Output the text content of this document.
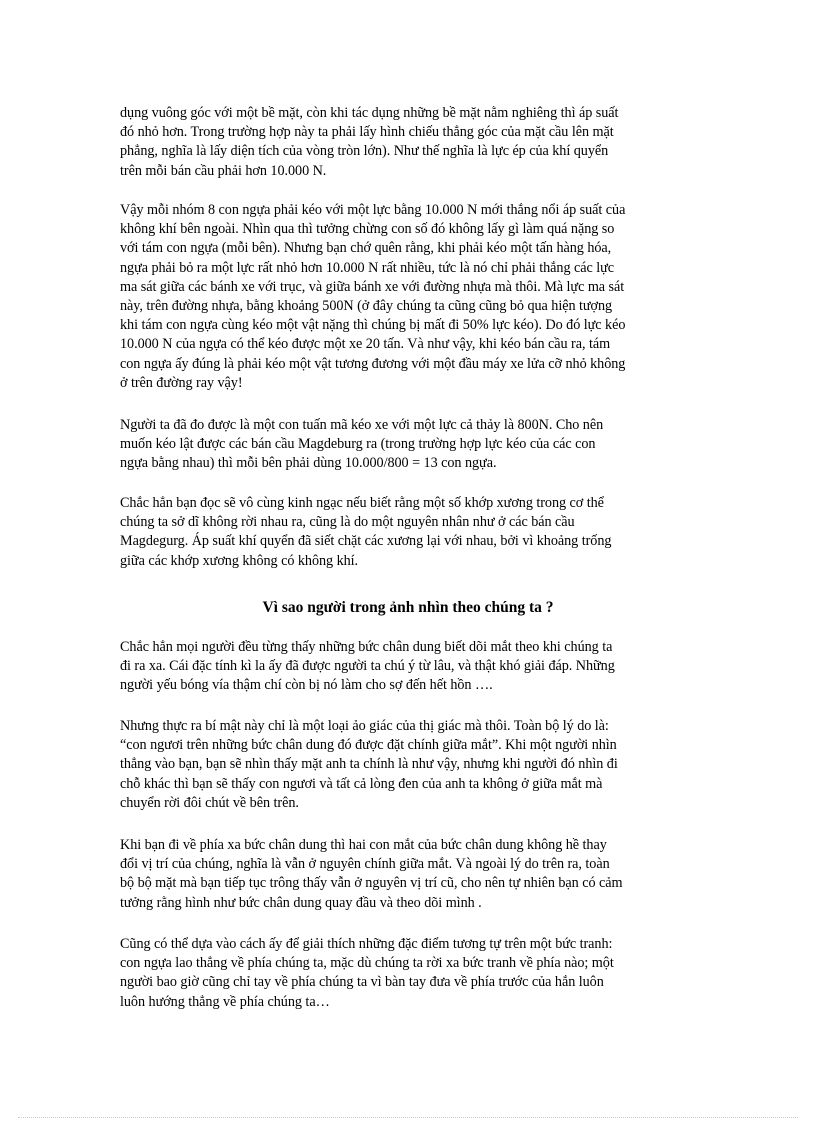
dụng vuông góc với một bề mặt, còn khi tác dụng những bề mặt nằm nghiêng thì áp suất
đó nhỏ hơn. Trong trường hợp này ta phải lấy hình chiếu thẳng góc của mặt cầu lên mặt
phẳng, nghĩa là lấy diện tích của vòng tròn lớn). Như thế nghĩa là lực ép của khí quyển
trên mỗi bán cầu phải hơn 10.000 N.
Vậy mỗi nhóm 8 con ngựa phải kéo với một lực bằng 10.000 N mới thắng nổi áp suất của
không khí bên ngoài. Nhìn qua thì tưởng chừng con số đó không lấy gì làm quá nặng so
với tám con ngựa (mỗi bên). Nhưng bạn chớ quên rằng, khi phải kéo một tấn hàng hóa,
ngựa phải bỏ ra một lực rất nhỏ hơn 10.000 N rất nhiều, tức là nó chỉ phải thắng các lực
ma sát giữa các bánh xe với trục, và giữa bánh xe với đường nhựa mà thôi. Mà lực ma sát
này, trên đường nhựa, bằng khoảng 500N (ở đây chúng ta cũng cũng bỏ qua hiện tượng
khi tám con ngựa cùng kéo một vật nặng thì chúng bị mất đi 50% lực kéo). Do đó lực kéo
10.000 N của ngựa có thể kéo được một xe 20 tấn. Và như vậy, khi kéo bán cầu ra, tám
con ngựa ấy đúng là phải kéo một vật tương đương với một đầu máy xe lửa cỡ nhỏ không
ở trên đường ray vậy!
Người ta đã đo được là một con tuấn mã kéo xe với một lực cả thảy là 800N. Cho nên
muốn kéo lật được các bán cầu Magdeburg ra (trong trường hợp lực kéo của các con
ngựa bằng nhau) thì mỗi bên phải dùng 10.000/800 = 13 con ngựa.
Chắc hẳn bạn đọc sẽ vô cùng kinh ngạc nếu biết rằng một số khớp xương trong cơ thể
chúng ta sở dĩ không rời nhau ra, cũng là do một nguyên nhân như ở các bán cầu
Magdegurg. Áp suất khí quyển đã siết chặt các xương lại với nhau, bởi vì khoảng trống
giữa các khớp xương không có không khí.
Vì sao người trong ảnh nhìn theo chúng ta ?
Chắc hẳn mọi người đều từng thấy những bức chân dung biết dõi mắt theo khi chúng ta
đi ra xa. Cái đặc tính kì la ấy đã được người ta chú ý từ lâu, và thật khó giải đáp. Những
người yếu bóng vía thậm chí còn bị nó làm cho sợ đến hết hồn ….
Nhưng thực ra bí mật này chỉ là một loại ảo giác của thị giác mà thôi. Toàn bộ lý do là:
“con ngươi trên những bức chân dung đó được đặt chính giữa mắt”. Khi một người nhìn
thẳng vào bạn, bạn sẽ nhìn thấy mặt anh ta chính là như vậy, nhưng khi người đó nhìn đi
chỗ khác thì bạn sẽ thấy con ngươi và tất cả lòng đen của anh ta không ở giữa mắt mà
chuyển rời đôi chút về bên trên.
Khi bạn đi về phía xa bức chân dung thì hai con mắt của bức chân dung không hề thay
đổi vị trí của chúng, nghĩa là vẫn ở nguyên chính giữa mắt. Và ngoài lý do trên ra, toàn
bộ bộ mặt mà bạn tiếp tục trông thấy vẫn ở nguyên vị trí cũ, cho nên tự nhiên bạn có cảm
tưởng rằng hình như bức chân dung quay đầu và theo dõi mình .
Cũng có thể dựa vào cách ấy để giải thích những đặc điểm tương tự trên một bức tranh:
con ngựa lao thẳng về phía chúng ta, mặc dù chúng ta rời xa bức tranh về phía nào; một
người bao giờ cũng chỉ tay về phía chúng ta vì bàn tay đưa về phía trước của hắn luôn
luôn hướng thẳng về phía chúng ta…
